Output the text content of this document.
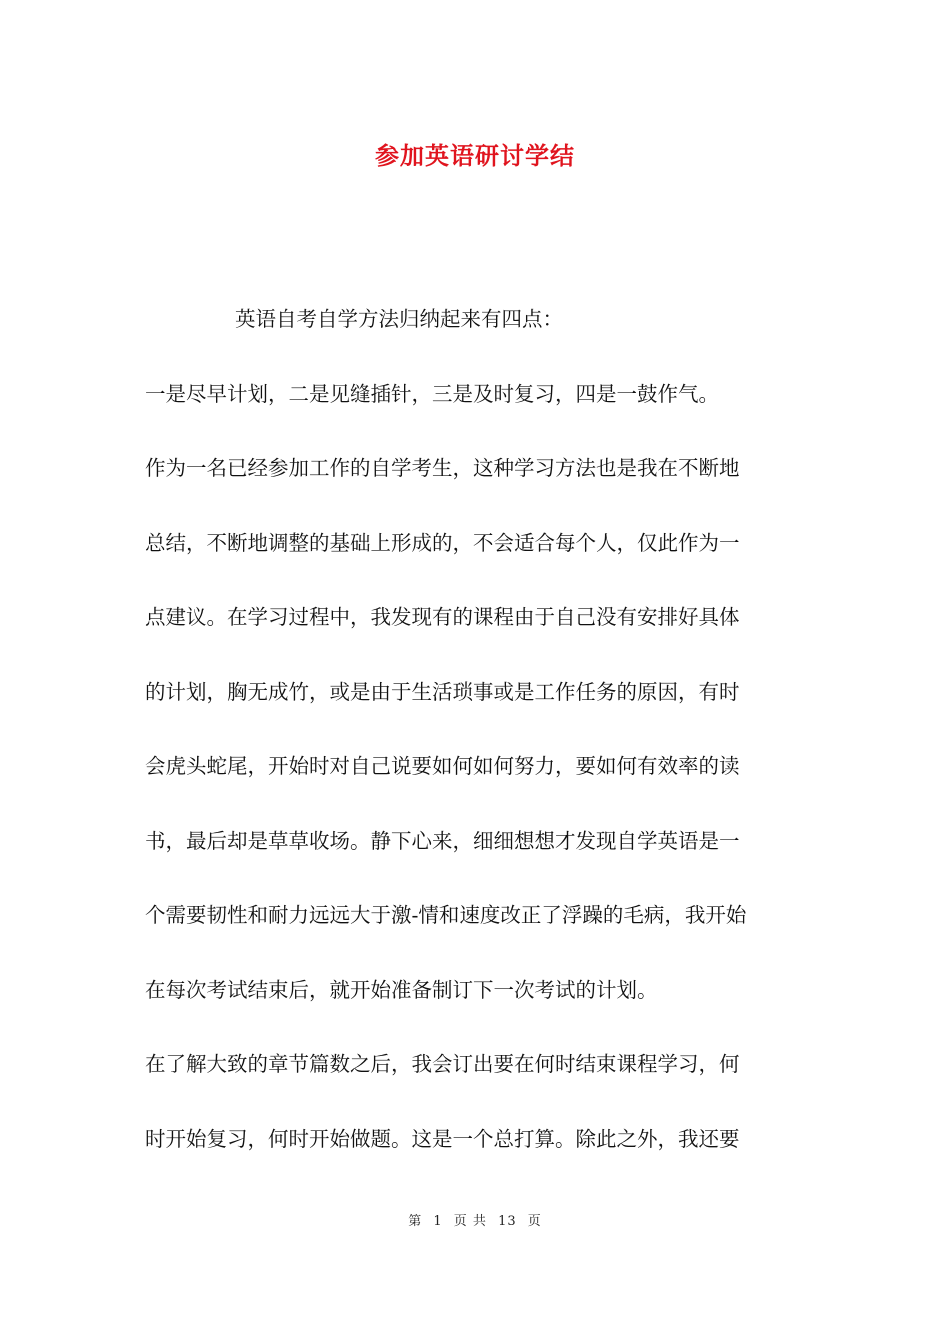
参加英语研讨学结

英语自考自学方法归纳起来有四点：

一是尽早计划，二是见缝插针，三是及时复习，四是一鼓作气。

作为一名已经参加工作的自学考生，这种学习方法也是我在不断地

总结，不断地调整的基础上形成的，不会适合每个人，仅此作为一

点建议。在学习过程中，我发现有的课程由于自己没有安排好具体

的计划，胸无成竹，或是由于生活琐事或是工作任务的原因，有时

会虎头蛇尾，开始时对自己说要如何如何努力，要如何有效率的读

书，最后却是草草收场。静下心来，细细想想才发现自学英语是一

个需要韧性和耐力远远大于激-情和速度改正了浮躁的毛病，我开始

在每次考试结束后，就开始准备制订下一次考试的计划。

在了解大致的章节篇数之后，我会订出要在何时结束课程学习，何

时开始复习，何时开始做题。这是一个总打算。除此之外，我还要

第 1 页 共 13 页
